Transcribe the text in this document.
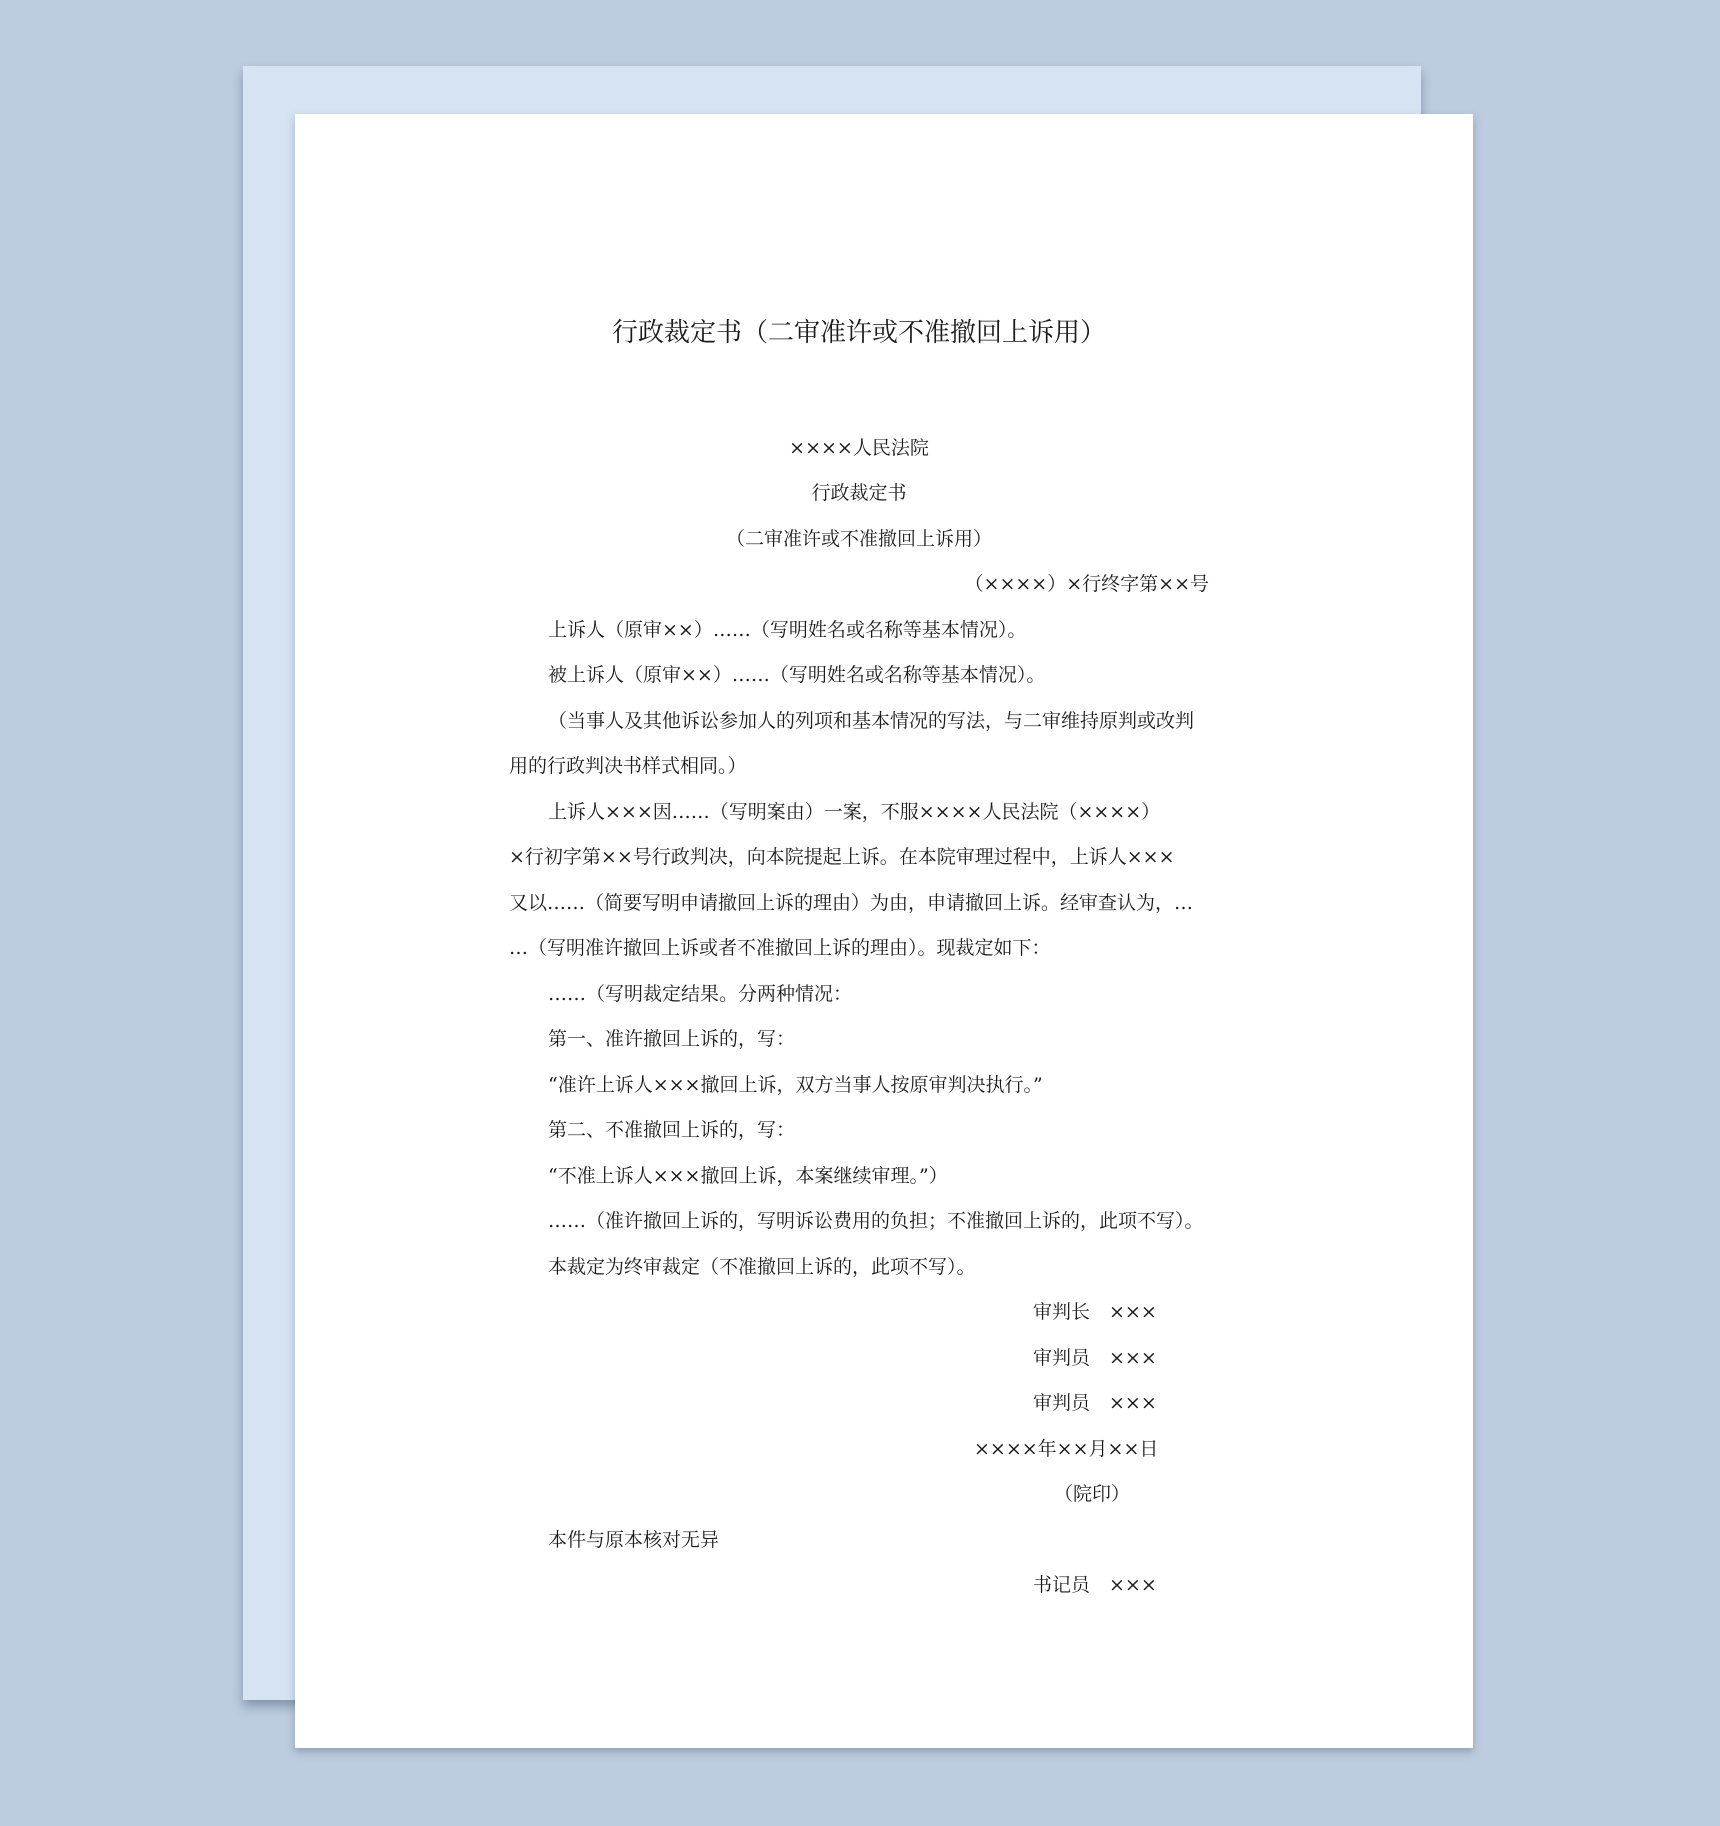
行政裁定书（二审准许或不准撤回上诉用）

××××人民法院

行政裁定书

（二审准许或不准撤回上诉用）

（××××）×行终字第××号

上诉人（原审××）……（写明姓名或名称等基本情况）。

被上诉人（原审××）……（写明姓名或名称等基本情况）。

（当事人及其他诉讼参加人的列项和基本情况的写法，与二审维持原判或改判

用的行政判决书样式相同。）

上诉人×××因……（写明案由）一案，不服××××人民法院（××××）

×行初字第××号行政判决，向本院提起上诉。在本院审理过程中，上诉人×××

又以……（简要写明申请撤回上诉的理由）为由，申请撤回上诉。经审查认为，…

…（写明准许撤回上诉或者不准撤回上诉的理由）。现裁定如下：

……（写明裁定结果。分两种情况：

第一、准许撤回上诉的，写：

“准许上诉人×××撤回上诉，双方当事人按原审判决执行。”

第二、不准撤回上诉的，写：

“不准上诉人×××撤回上诉，本案继续审理。”）

……（准许撤回上诉的，写明诉讼费用的负担；不准撤回上诉的，此项不写）。

本裁定为终审裁定（不准撤回上诉的，此项不写）。

审判长　×××

审判员　×××

审判员　×××

××××年××月××日

（院印）

本件与原本核对无异

书记员　×××
